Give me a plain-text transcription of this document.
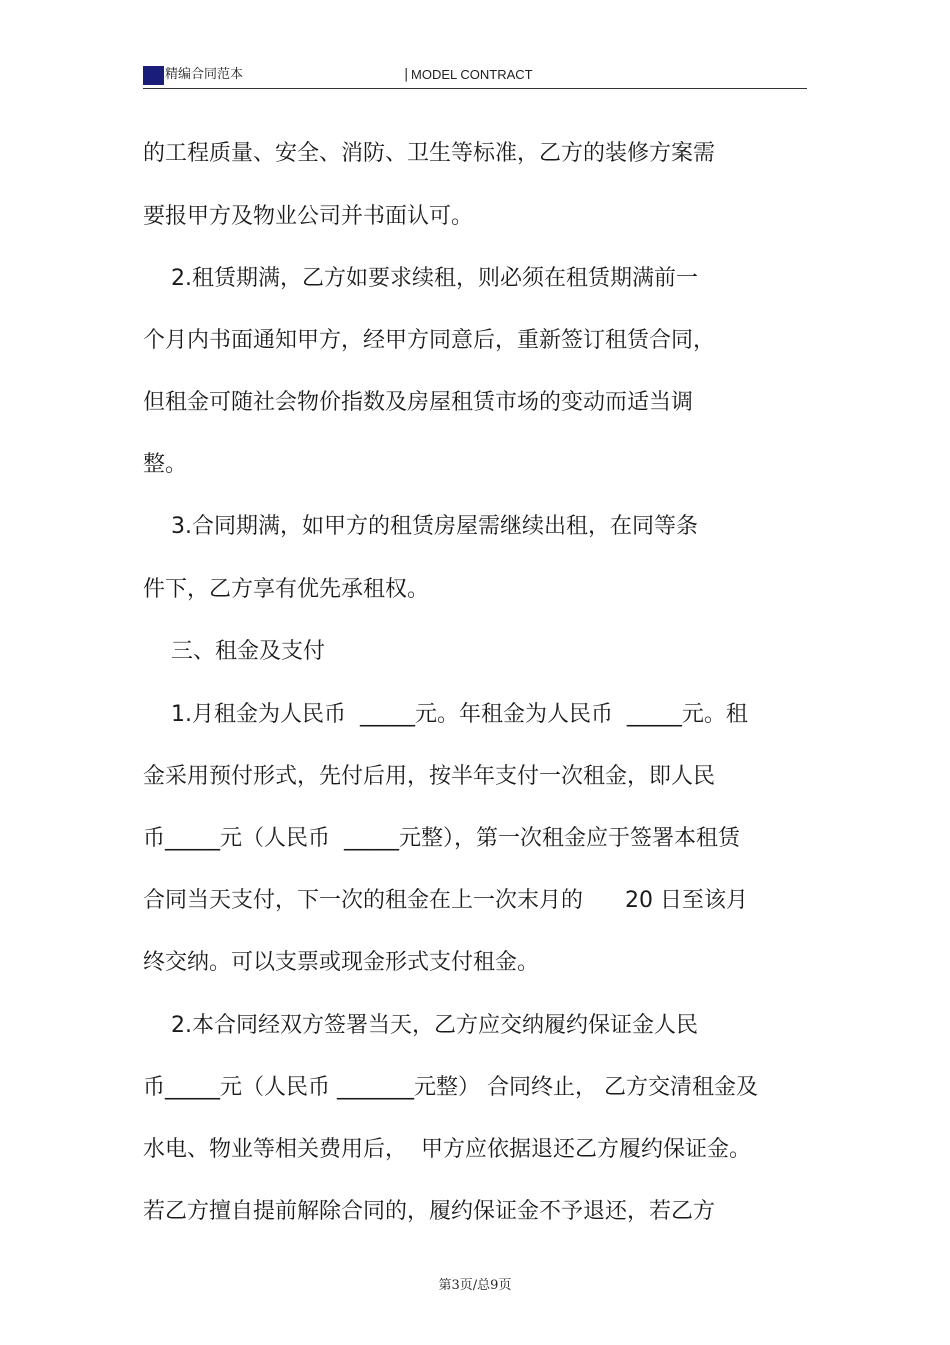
精编合同范本	| MODEL CONTRACT
的工程质量、安全、消防、卫生等标准，乙方的装修方案需
要报甲方及物业公司并书面认可。
2.租赁期满，乙方如要求续租，则必须在租赁期满前一
个月内书面通知甲方，经甲方同意后，重新签订租赁合同，
但租金可随社会物价指数及房屋租赁市场的变动而适当调
整。
3.合同期满，如甲方的租赁房屋需继续出租，在同等条
件下，乙方享有优先承租权。
三、租金及支付
1.月租金为人民币  _____元。年租金为人民币  _____元。租
金采用预付形式，先付后用，按半年支付一次租金，即人民
币_____元（人民币  _____元整），第一次租金应于签署本租赁
合同当天支付，下一次的租金在上一次末月的      20 日至该月
终交纳。可以支票或现金形式支付租金。
2.本合同经双方签署当天，乙方应交纳履约保证金人民
币_____元（人民币 _______元整） 合同终止， 乙方交清租金及
水电、物业等相关费用后，  甲方应依据退还乙方履约保证金。
若乙方擅自提前解除合同的，履约保证金不予退还，若乙方
第3页/总9页
